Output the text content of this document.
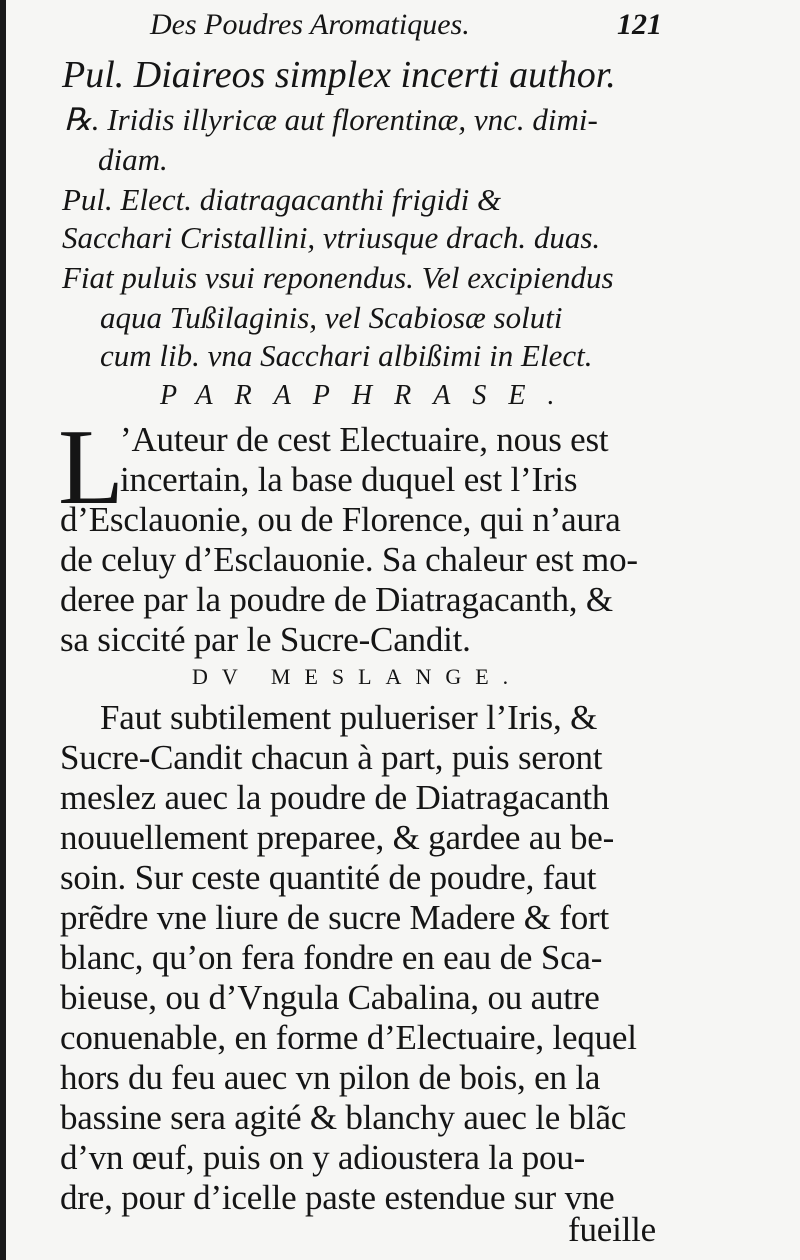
Des Poudres Aromatiques.	121
Pul. Diaireos simplex incerti author.
℞. Iridis illyricæ aut florentinæ, vnc. dimi-
diam.
Pul. Elect. diatragacanthi frigidi &
Sacchari Cristallini, vtriusque drach. duas.
Fiat puluis vsui reponendus. Vel excipiendus
aqua Tußilaginis, vel Scabiosæ soluti
cum lib. vna Sacchari albißimi in Elect.
PARAPHRASE.
L
’Auteur de cest Electuaire, nous est
incertain, la base duquel est l’Iris
d’Esclauonie, ou de Florence, qui n’aura
de celuy d’Esclauonie. Sa chaleur est mo-
deree par la poudre de Diatragacanth, &
sa siccité par le Sucre-Candit.
DV MESLANGE.
Faut subtilement pulueriser l’Iris, &
Sucre-Candit chacun à part, puis seront
meslez auec la poudre de Diatragacanth
nouuellement preparee, & gardee au be-
soin. Sur ceste quantité de poudre, faut
prẽdre vne liure de sucre Madere & fort
blanc, qu’on fera fondre en eau de Sca-
bieuse, ou d’Vngula Cabalina, ou autre
conuenable, en forme d’Electuaire, lequel
hors du feu auec vn pilon de bois, en la
bassine sera agité & blanchy auec le blãc
d’vn œuf, puis on y adioustera la pou-
dre, pour d’icelle paste estendue sur vne
fueille
